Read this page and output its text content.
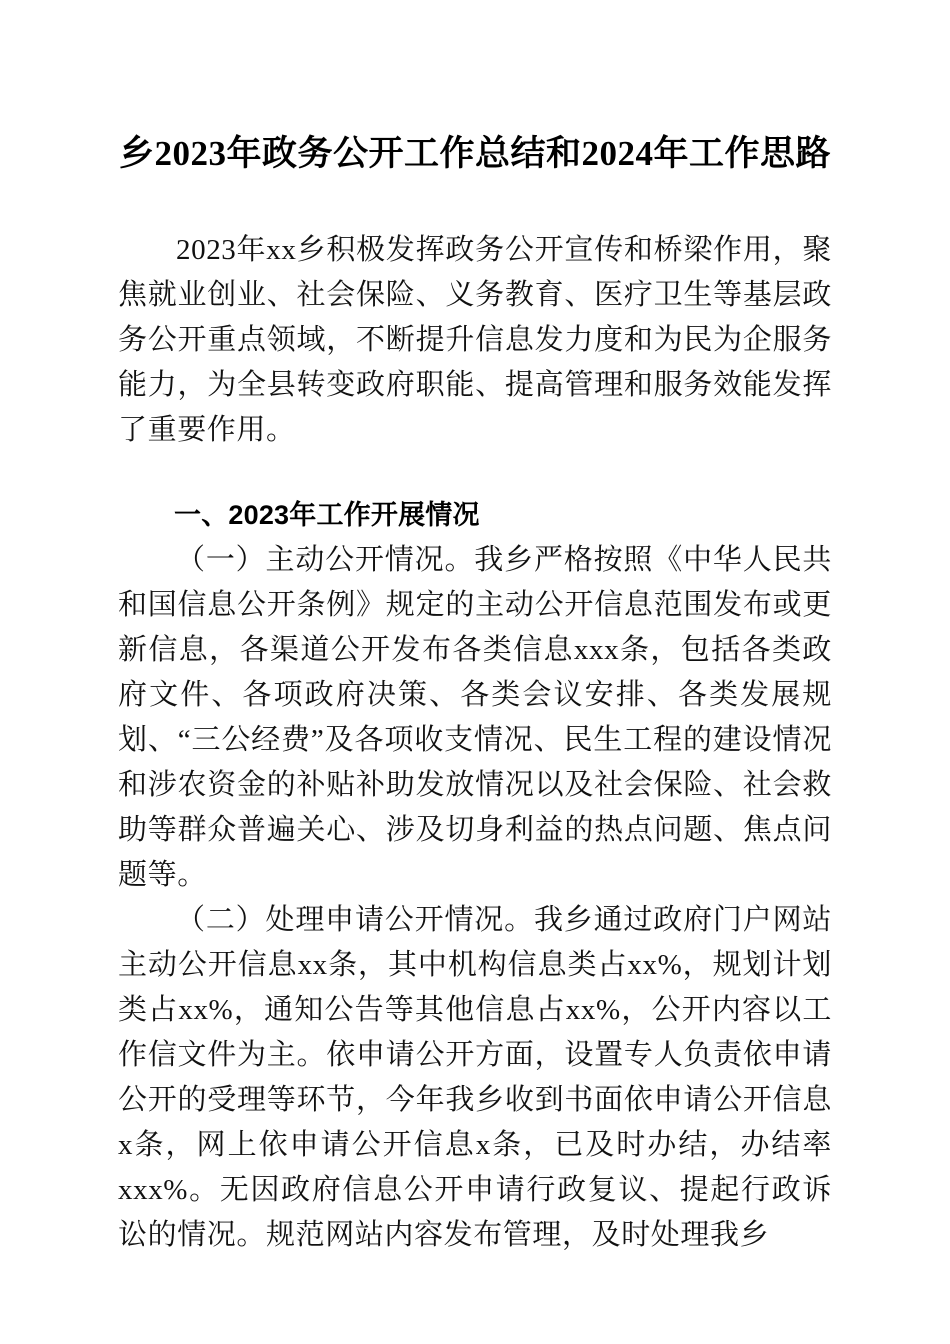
乡2023年政务公开工作总结和2024年工作思路

2023年xx乡积极发挥政务公开宣传和桥梁作用，聚焦就业创业、社会保险、义务教育、医疗卫生等基层政务公开重点领域，不断提升信息发力度和为民为企服务能力，为全县转变政府职能、提高管理和服务效能发挥了重要作用。

一、2023年工作开展情况

（一）主动公开情况。我乡严格按照《中华人民共和国信息公开条例》规定的主动公开信息范围发布或更新信息，各渠道公开发布各类信息xxx条，包括各类政府文件、各项政府决策、各类会议安排、各类发展规划、“三公经费”及各项收支情况、民生工程的建设情况和涉农资金的补贴补助发放情况以及社会保险、社会救助等群众普遍关心、涉及切身利益的热点问题、焦点问题等。

（二）处理申请公开情况。我乡通过政府门户网站主动公开信息xx条，其中机构信息类占xx%，规划计划类占xx%，通知公告等其他信息占xx%，公开内容以工作信文件为主。依申请公开方面，设置专人负责依申请公开的受理等环节，今年我乡收到书面依申请公开信息x条，网上依申请公开信息x条，已及时办结，办结率xxx%。无因政府信息公开申请行政复议、提起行政诉讼的情况。规范网站内容发布管理，及时处理我乡
